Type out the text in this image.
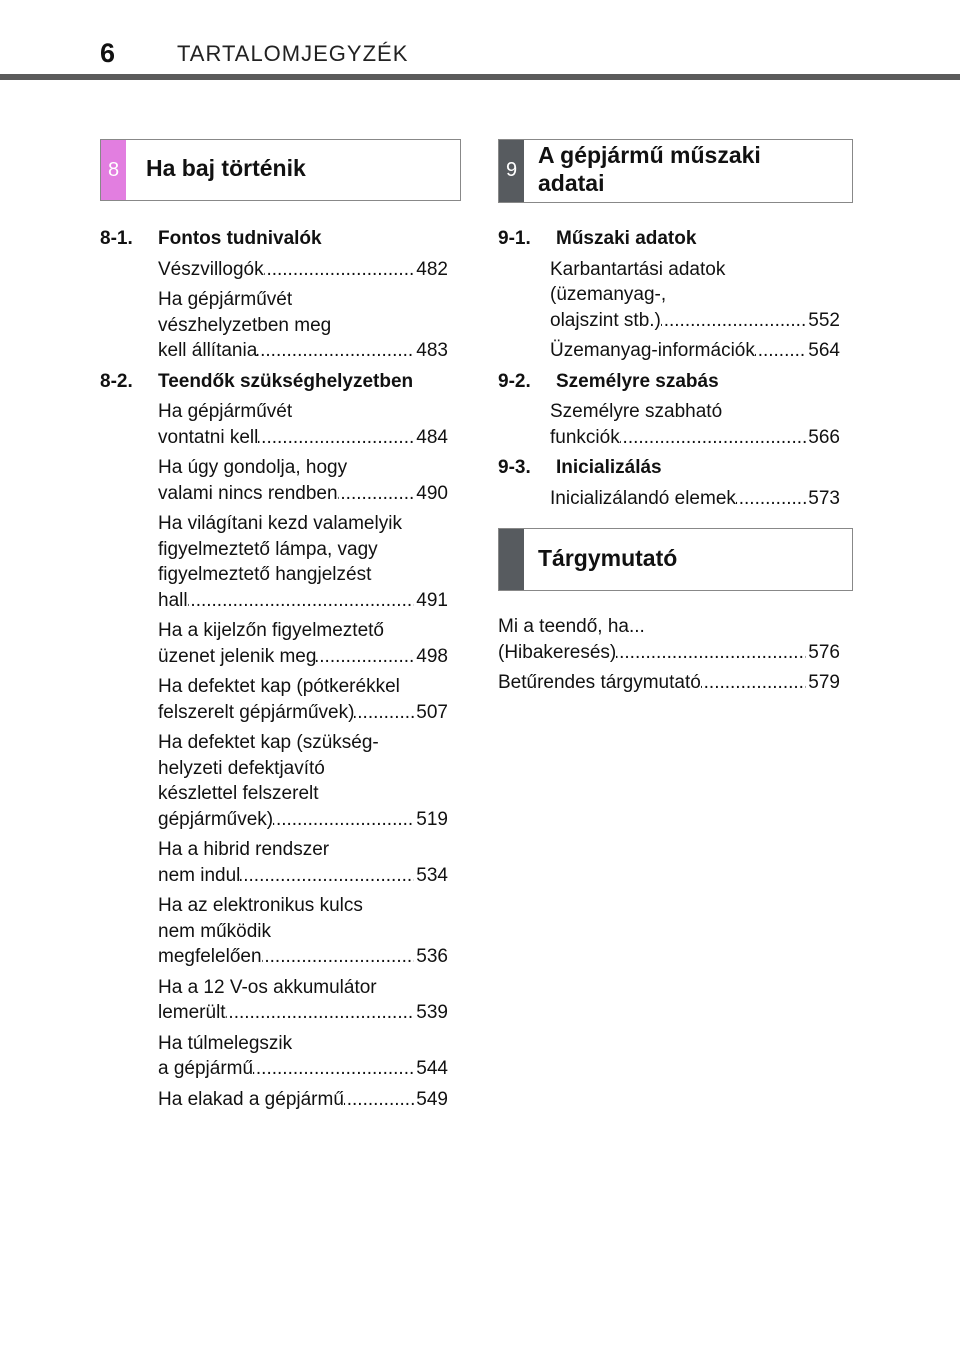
6	TARTALOMJEGYZÉK
8	Ha baj történik	9
A gépjármű műszaki
adatai
Tárgymutató
8-1.	Fontos tudnivalók
Vészvillogók .....	482
Ha gépjárművét
vészhelyzetben meg
kell állítania .....	483
8-2.	Teendők szükséghelyzetben
Ha gépjárművét
vontatni kell .....	484
Ha úgy gondolja, hogy
valami nincs rendben .....	490
Ha világítani kezd valamelyik
figyelmeztető lámpa, vagy
figyelmeztető hangjelzést
hall .....	491
Ha a kijelzőn figyelmeztető
üzenet jelenik meg .....	498
Ha defektet kap (pótkerékkel
felszerelt gépjárművek) .....	507
Ha defektet kap (szükség-
helyzeti defektjavító
készlettel felszerelt
gépjárművek) .....	519
Ha a hibrid rendszer
nem indul .....	534
Ha az elektronikus kulcs
nem működik
megfelelően .....	536
Ha a 12 V-os akkumulátor
lemerült .....	539
Ha túlmelegszik
a gépjármű .....	544
Ha elakad a gépjármű .....	549
9-1.	Műszaki adatok
Karbantartási adatok
(üzemanyag-,
olajszint stb.) .....	552
Üzemanyag-információk .....	564
9-2.	Személyre szabás
Személyre szabható
funkciók .....	566
9-3.	Inicializálás
Inicializálandó elemek .....	573
Mi a teendő, ha...
(Hibakeresés) .....	576
Betűrendes tárgymutató .....	579
